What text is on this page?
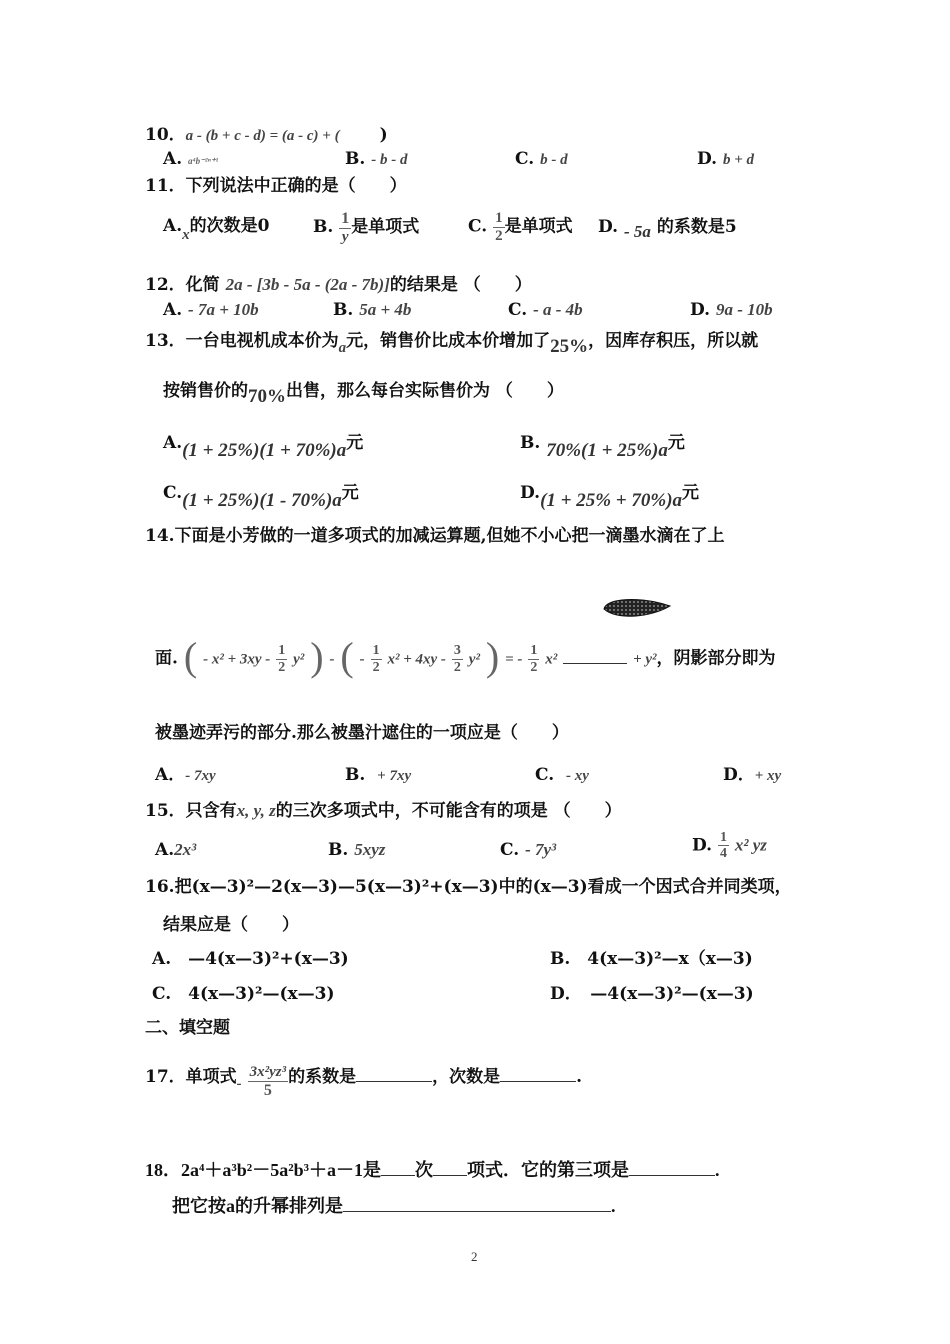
10．a - (b + c - d) = (a - c) + ( )
A. a⁴b⁻²ⁿ⁺¹	B. - b - d	C. b - d	D. b + d
11．下列说法中正确的是（　　）
A.x的次数是0	B. $\frac{1}{y}$ 是单项式	C. $\frac{1}{2}$ 是单项式 D. - 5a 的系数是5
12．化简 2a - [3b - 5a - (2a - 7b)]的结果是 （　　）
A. - 7a + 10b	B. 5a + 4b	C. - a - 4b	D. 9a - 10b
13．一台电视机成本价为a元，销售价比成本价增加了25%，因库存积压，所以就
按销售价的70%出售，那么每台实际售价为 （　　）
A.(1 + 25%)(1 + 70%)a元	B. 70%(1 + 25%)a元
C.(1 + 25%)(1 - 70%)a元	D.(1 + 25% + 70%)a元
14.下面是小芳做的一道多项式的加减运算题,但她不小心把一滴墨水滴在了上
面. ( - $x^2 + 3xy - \frac{1}{2} y^2$ ) - ( - $\frac{1}{2} x^2 + 4xy - \frac{3}{2} y^2$ ) = - $\frac{1}{2} x^2$	+ y²，阴影部分即为
被墨迹弄污的部分.那么被墨汁遮住的一项应是（　　）
A．- 7xy	B. + 7xy	C. - xy	D．+ xy
15．只含有x, y, z的三次多项式中，不可能含有的项是 （　　）
A.2x³	B. 5xyz	C. - 7y³	D. $\frac{1}{4} x^2$ yz
16.把(x—3)²—2(x—3)—5(x—3)²+(x—3)中的(x—3)看成一个因式合并同类项，
结果应是（　　）
A.　—4(x—3)²+(x—3)	B.　4(x—3)²—x（x—3)
C.　4(x—3)²—(x—3)	D．　—4(x—3)²—(x—3)
二、填空题
17．单项式- $\frac{\text{3x²yz³}}{5}$ 的系数是	，次数是	.
18．2a⁴＋a³b²－5a²b³＋a－1是 次 项式．它的第三项是	.
把它按a的升幂排列是	.
2
